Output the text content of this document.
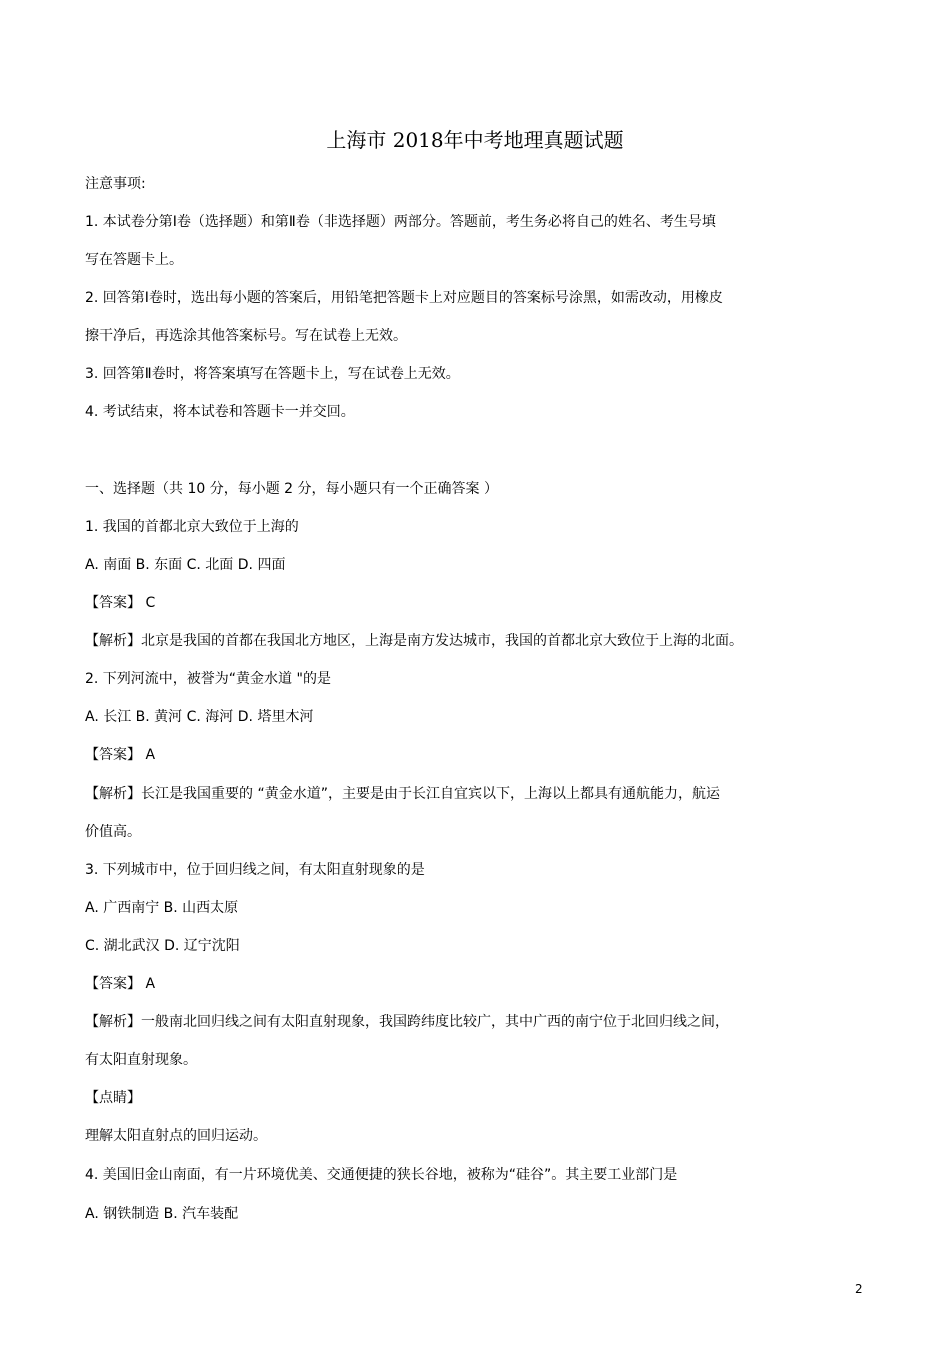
上海市 2018年中考地理真题试题
注意事项:
1. 本试卷分第Ⅰ卷（选择题）和第Ⅱ卷（非选择题）两部分。答题前，考生务必将自己的姓名、考生号填
写在答题卡上。
2. 回答第Ⅰ卷时，选出每小题的答案后，用铅笔把答题卡上对应题目的答案标号涂黑，如需改动，用橡皮
擦干净后，再选涂其他答案标号。写在试卷上无效。
3. 回答第Ⅱ卷时，将答案填写在答题卡上，写在试卷上无效。
4. 考试结束，将本试卷和答题卡一并交回。
一、选择题（共 10 分，每小题 2 分，每小题只有一个正确答案 ）
1. 我国的首都北京大致位于上海的
A. 南面 B. 东面 C. 北面 D. 四面
【答案】 C
【解析】北京是我国的首都在我国北方地区，上海是南方发达城市，我国的首都北京大致位于上海的北面。
2. 下列河流中，被誉为“黄金水道 "的是
A. 长江 B. 黄河 C. 海河 D. 塔里木河
【答案】 A
【解析】长江是我国重要的 “黄金水道”，主要是由于长江自宜宾以下，上海以上都具有通航能力，航运
价值高。
3. 下列城市中，位于回归线之间，有太阳直射现象的是
A. 广西南宁 B. 山西太原
C. 湖北武汉 D. 辽宁沈阳
【答案】 A
【解析】一般南北回归线之间有太阳直射现象，我国跨纬度比较广，其中广西的南宁位于北回归线之间，
有太阳直射现象。
【点睛】
理解太阳直射点的回归运动。
4. 美国旧金山南面，有一片环境优美、交通便捷的狭长谷地，被称为“硅谷”。其主要工业部门是
A. 钢铁制造 B. 汽车装配
2
